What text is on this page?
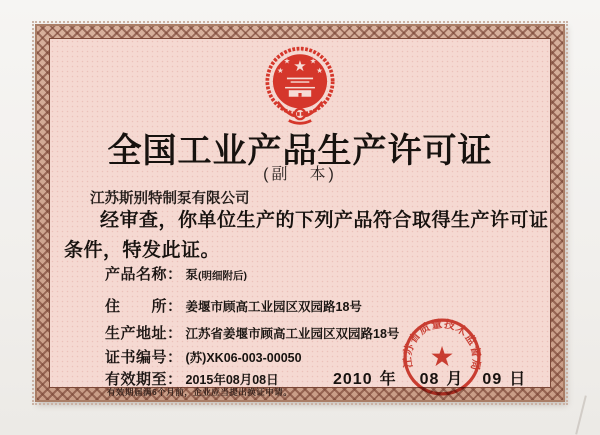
★
★ ★
★	★
全国工业产品生产许可证
(副　本)
江苏斯别特制泵有限公司
经审查，你单位生产的下列产品符合取得生产许可证
条件，特发此证。
产品名称： 泵(明细附后)
住　　所： 姜堰市顾高工业园区双园路18号
生产地址： 江苏省姜堰市顾高工业园区双园路18号
证书编号： (苏)XK06-003-00050
有效期至： 2015年08月08日
有效期届满6个月前，企业应当提出换证申请。
2010 年 08 月 09 日
★
江苏省质量技术监督局
